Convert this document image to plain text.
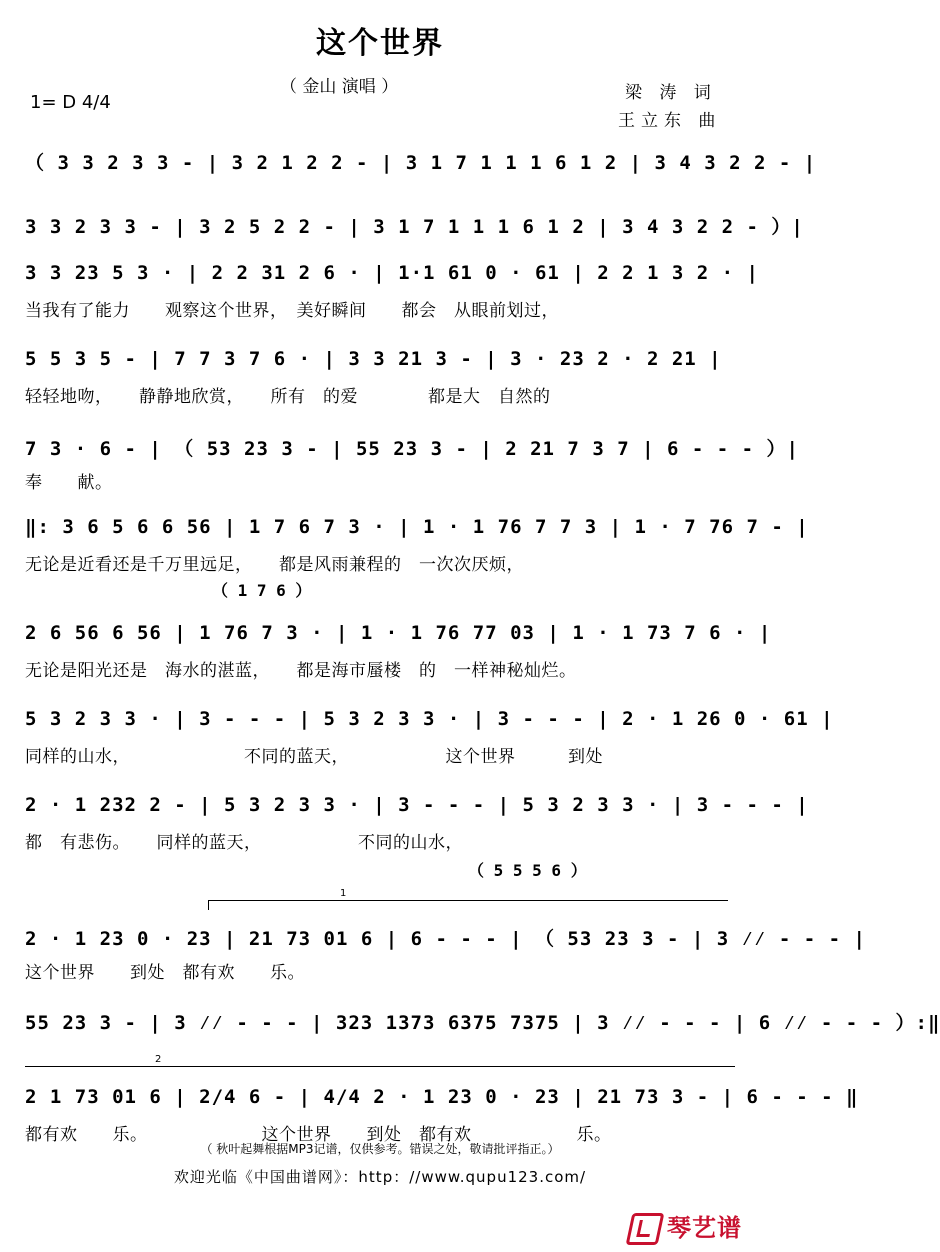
这个世界
（ 金山 演唱 ）
1= D 4/4	梁 涛 词
王立东 曲
（ 3 3 2 3 3 - | 3 2 1 2 2 - | 3 1 7 1 1 1 6 1 2 | 3 4 3 2 2 - |
3 3 2 3 3 - | 3 2 5 2 2 - | 3 1 7 1 1 1 6 1 2 | 3 4 3 2 2 - ）|
3 3 23 5 3 · | 2 2 31 2 6 · | 1·1 61 0 · 61 | 2 2 1 3 2 · |
当我有了能力　　观察这个世界，　美好瞬间　　都会　从眼前划过，
5 5 3 5 - | 7 7 3 7 6 · | 3 3 21 3 - | 3 · 23 2 · 2 21 |
轻轻地吻，　　静静地欣赏，　　所有　的爱　　　　都是大　自然的
7 3 · 6 - | （ 53 23 3 - | 55 23 3 - | 2 21 7 3 7 | 6 - - - ）|
奉　　献。
‖: 3 6 5 6 6 56 | 1 7 6 7 3 · | 1 · 1 76 7 7 3 | 1 · 7 76 7 - |
无论是近看还是千万里远足，　　都是风雨兼程的　一次次厌烦，
（ 1 7 6 ）
2 6 56 6 56 | 1 76 7 3 · | 1 · 1 76 77 03 | 1 · 1 73 7 6 · |
无论是阳光还是　海水的湛蓝，　　都是海市蜃楼　的　一样神秘灿烂。
5 3 2 3 3 · | 3 - - - | 5 3 2 3 3 · | 3 - - - | 2 · 1 26 0 · 61 |
同样的山水，　　　　　　　不同的蓝天，　　　　　　这个世界　　　到处
2 · 1 232 2 - | 5 3 2 3 3 · | 3 - - - | 5 3 2 3 3 · | 3 - - - |
都　有悲伤。　　同样的蓝天，　　　　　　不同的山水，
（ 5 5 5 6 ）
1
2 · 1 23 0 · 23 | 21 73 01 6 | 6 - - - | （ 53 23 3 - | 3 ⁄⁄ - - - |
这个世界　　到处　都有欢　　乐。
55 23 3 - | 3 ⁄⁄ - - - | 323 1373 6375 7375 | 3 ⁄⁄ - - - | 6 ⁄⁄ - - - ）:‖
2
2 1 73 01 6 | 2/4 6 - | 4/4 2 · 1 23 0 · 23 | 21 73 3 - | 6 - - - ‖
都有欢　　乐。　　　　　　　这个世界　　到处　都有欢　　　　　　乐。
（ 秋叶起舞根据MP3记谱，仅供参考。错误之处，敬请批评指正。）
欢迎光临《中国曲谱网》：http：//www.qupu123.com/
琴艺谱
